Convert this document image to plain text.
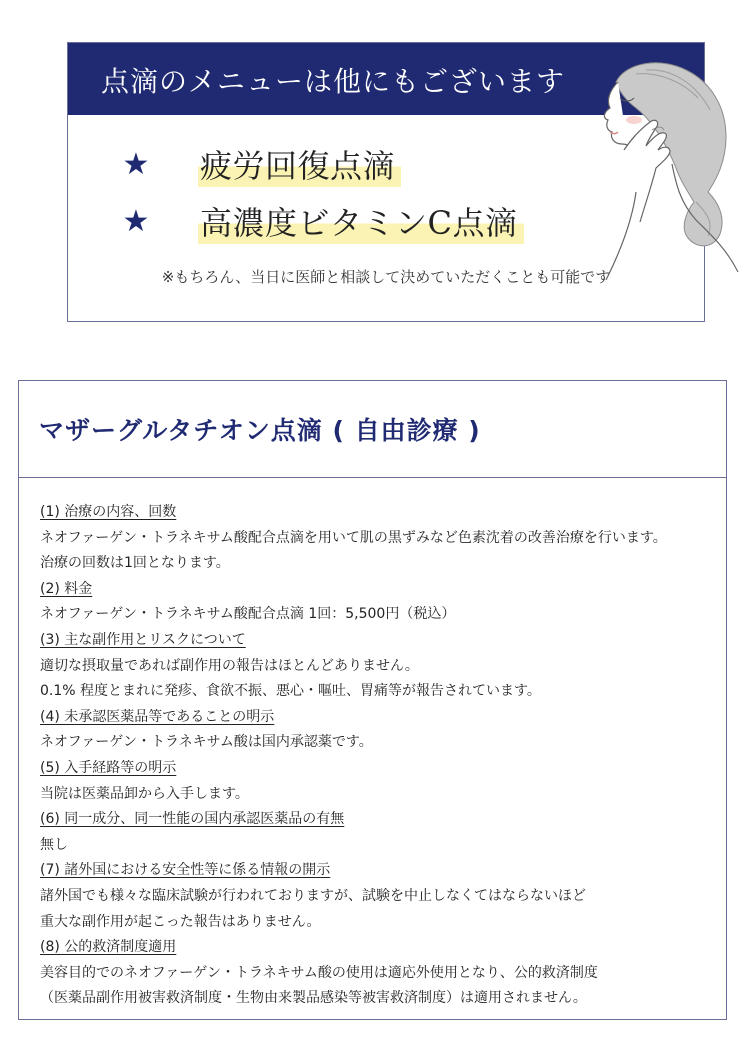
点滴のメニューは他にもございます
★ 疲労回復点滴
★ 高濃度ビタミンC点滴
※もちろん、当日に医師と相談して決めていただくことも可能です
マザーグルタチオン点滴 ( 自由診療 )
(1) 治療の内容、回数
ネオファーゲン・トラネキサム酸配合点滴を用いて肌の黒ずみなど色素沈着の改善治療を行います。
治療の回数は1回となります。
(2) 料金
ネオファーゲン・トラネキサム酸配合点滴 1回：5,500円（税込）
(3) 主な副作用とリスクについて
適切な摂取量であれば副作用の報告はほとんどありません。
0.1% 程度とまれに発疹、食欲不振、悪心・嘔吐、胃痛等が報告されています。
(4) 未承認医薬品等であることの明示
ネオファーゲン・トラネキサム酸は国内承認薬です。
(5) 入手経路等の明示
当院は医薬品卸から入手します。
(6) 同一成分、同一性能の国内承認医薬品の有無
無し
(7) 諸外国における安全性等に係る情報の開示
諸外国でも様々な臨床試験が行われておりますが、試験を中止しなくてはならないほど
重大な副作用が起こった報告はありません。
(8) 公的救済制度適用
美容目的でのネオファーゲン・トラネキサム酸の使用は適応外使用となり、公的救済制度
（医薬品副作用被害救済制度・生物由来製品感染等被害救済制度）は適用されません。
